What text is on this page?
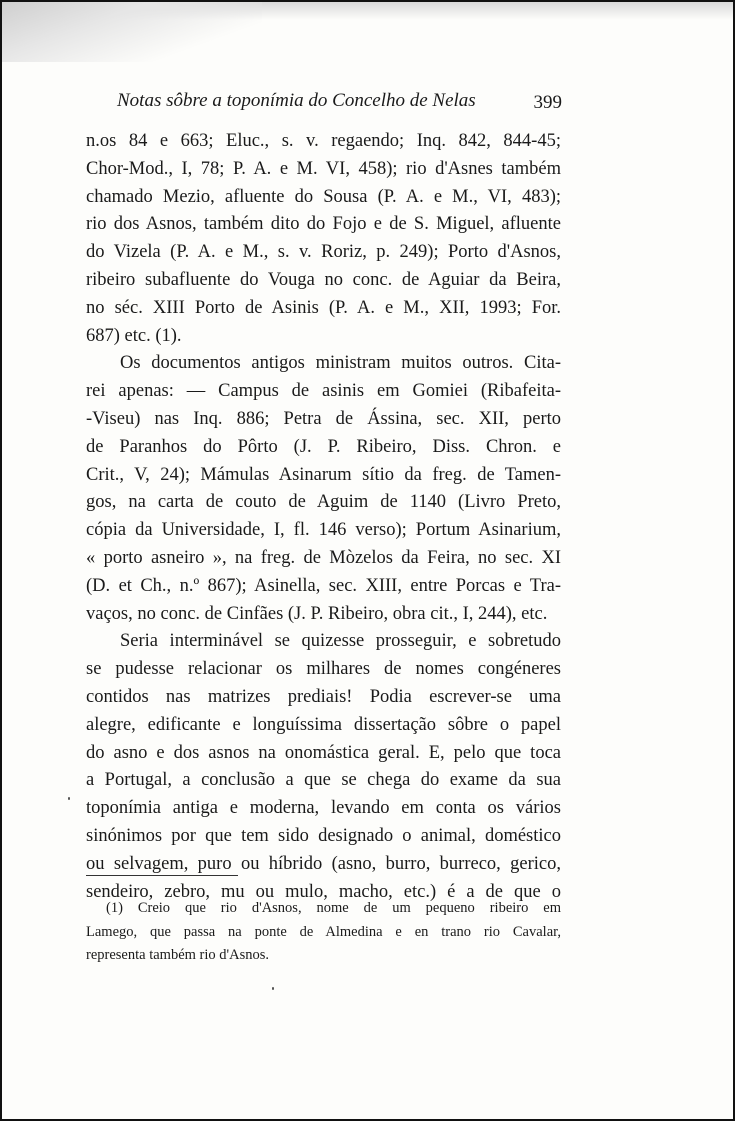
Notas sôbre a toponímia do Concelho de Nelas	399
n.os 84 e 663; Eluc., s. v. regaendo; Inq. 842, 844-45;
Chor-Mod., I, 78; P. A. e M. VI, 458); rio d'Asnes também
chamado Mezio, afluente do Sousa (P. A. e M., VI, 483);
rio dos Asnos, também dito do Fojo e de S. Miguel, afluente
do Vizela (P. A. e M., s. v. Roriz, p. 249); Porto d'Asnos,
ribeiro subafluente do Vouga no conc. de Aguiar da Beira,
no séc. XIII Porto de Asinis (P. A. e M., XII, 1993; For.
687) etc. (1).
Os documentos antigos ministram muitos outros. Cita-
rei apenas: — Campus de asinis em Gomiei (Ribafeita-
-Viseu) nas Inq. 886; Petra de Ássina, sec. XII, perto
de Paranhos do Pôrto (J. P. Ribeiro, Diss. Chron. e
Crit., V, 24); Mámulas Asinarum sítio da freg. de Tamen-
gos, na carta de couto de Aguim de 1140 (Livro Preto,
cópia da Universidade, I, fl. 146 verso); Portum Asinarium,
« porto asneiro », na freg. de Mòzelos da Feira, no sec. XI
(D. et Ch., n.º 867); Asinella, sec. XIII, entre Porcas e Tra-
vaços, no conc. de Cinfães (J. P. Ribeiro, obra cit., I, 244), etc.
Seria interminável se quizesse prosseguir, e sobretudo
se pudesse relacionar os milhares de nomes congéneres
contidos nas matrizes prediais! Podia escrever-se uma
alegre, edificante e longuíssima dissertação sôbre o papel
do asno e dos asnos na onomástica geral. E, pelo que toca
a Portugal, a conclusão a que se chega do exame da sua
toponímia antiga e moderna, levando em conta os vários
sinónimos por que tem sido designado o animal, doméstico
ou selvagem, puro ou híbrido (asno, burro, burreco, gerico,
sendeiro, zebro, mu ou mulo, macho, etc.) é a de que o
(1) Creio que rio d'Asnos, nome de um pequeno ribeiro em
Lamego, que passa na ponte de Almedina e en trano rio Cavalar,
representa também rio d'Asnos.
